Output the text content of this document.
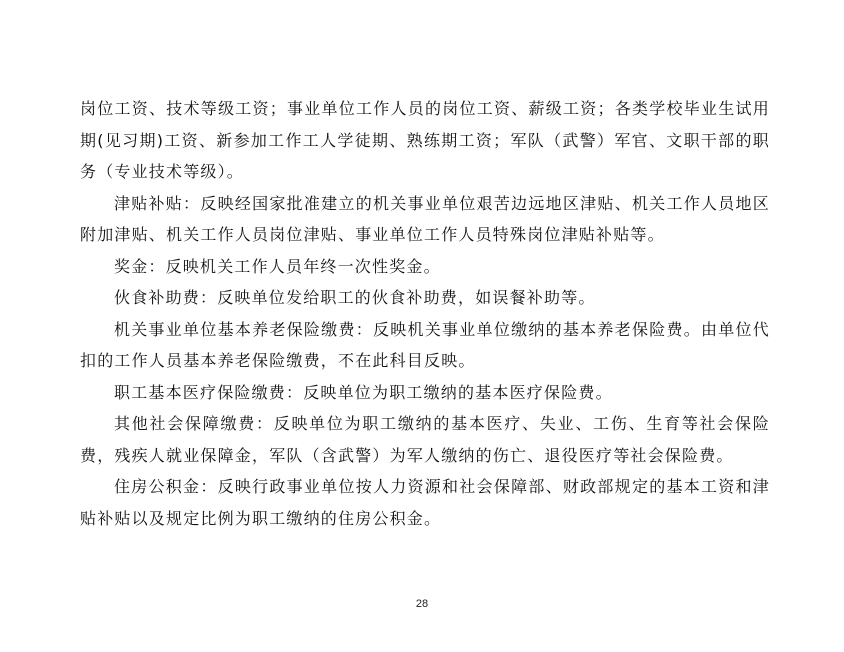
岗位工资、技术等级工资；事业单位工作人员的岗位工资、薪级工资；各类学校毕业生试用期(见习期)工资、新参加工作工人学徒期、熟练期工资；军队（武警）军官、文职干部的职务（专业技术等级）。

津贴补贴：反映经国家批准建立的机关事业单位艰苦边远地区津贴、机关工作人员地区附加津贴、机关工作人员岗位津贴、事业单位工作人员特殊岗位津贴补贴等。

奖金：反映机关工作人员年终一次性奖金。

伙食补助费：反映单位发给职工的伙食补助费，如误餐补助等。

机关事业单位基本养老保险缴费：反映机关事业单位缴纳的基本养老保险费。由单位代扣的工作人员基本养老保险缴费，不在此科目反映。

职工基本医疗保险缴费：反映单位为职工缴纳的基本医疗保险费。

其他社会保障缴费：反映单位为职工缴纳的基本医疗、失业、工伤、生育等社会保险费，残疾人就业保障金，军队（含武警）为军人缴纳的伤亡、退役医疗等社会保险费。

住房公积金：反映行政事业单位按人力资源和社会保障部、财政部规定的基本工资和津贴补贴以及规定比例为职工缴纳的住房公积金。

28
